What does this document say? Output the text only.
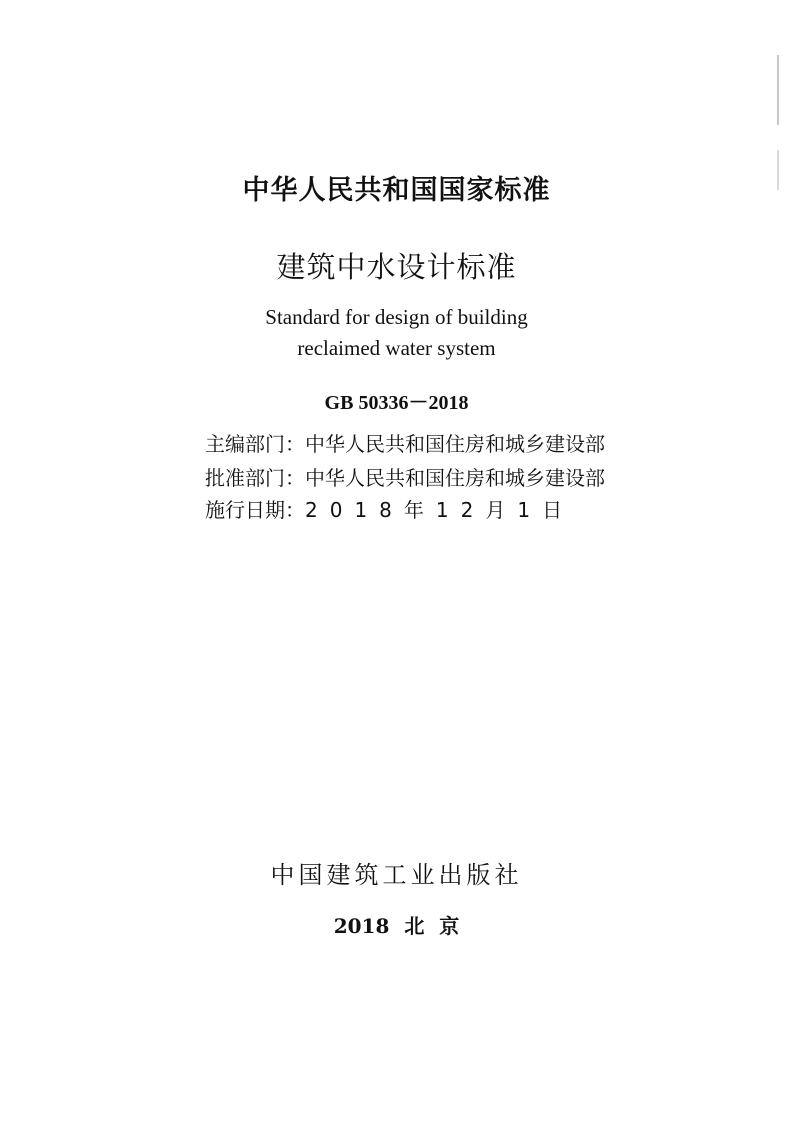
中华人民共和国国家标准
建筑中水设计标准
Standard for design of building
reclaimed water system
GB 50336－2018
主编部门：中华人民共和国住房和城乡建设部
批准部门：中华人民共和国住房和城乡建设部
施行日期：2018年12月1日
中国建筑工业出版社
2018 北 京
